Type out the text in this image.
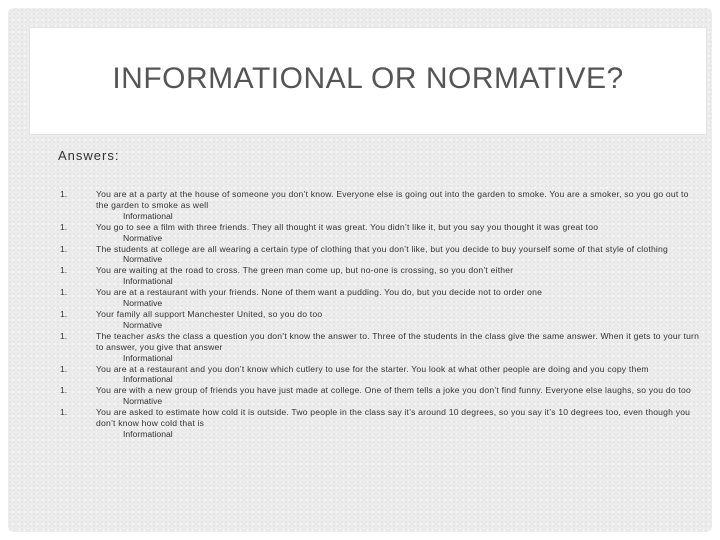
INFORMATIONAL OR NORMATIVE?
Answers:
1.	You are at a party at the house of someone you don’t know. Everyone else is going out into the garden to smoke. You are a smoker, so you go out to the garden to smoke as well
Informational
1.	You go to see a film with three friends. They all thought it was great. You didn’t like it, but you say you thought it was great too
Normative
1.	The students at college are all wearing a certain type of clothing that you don’t like, but you decide to buy yourself some of that style of clothing
Normative
1.	You are waiting at the road to cross. The green man come up, but no-one is crossing, so you don’t either
Informational
1.	You are at a restaurant with your friends. None of them want a pudding. You do, but you decide not to order one
Normative
1.	Your family all support Manchester United, so you do too
Normative
1.	The teacher asks the class a question you don’t know the answer to. Three of the students in the class give the same answer. When it gets to your turn to answer, you give that answer
Informational
1.	You are at a restaurant and you don’t know which cutlery to use for the starter. You look at what other people are doing and you copy them
Informational
1.	You are with a new group of friends you have just made at college. One of them tells a joke you don’t find funny. Everyone else laughs, so you do too
Normative
1.	You are asked to estimate how cold it is outside. Two people in the class say it’s around 10 degrees, so you say it’s 10 degrees too, even though you don’t know how cold that is
Informational
